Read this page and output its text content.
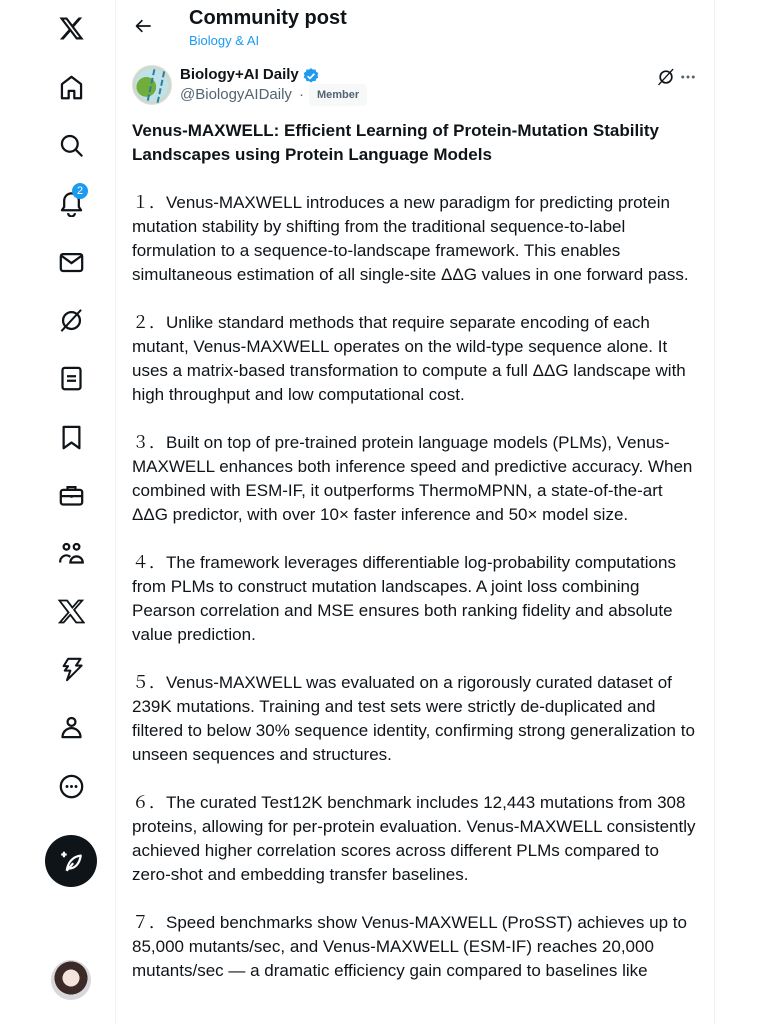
2
Community post
Biology & AI
Biology+AI Daily
@BiologyAIDaily ·	Member
Venus-MAXWELL: Efficient Learning of Protein-Mutation Stability Landscapes using Protein Language Models

１．Venus-MAXWELL introduces a new paradigm for predicting protein mutation stability by shifting from the traditional sequence-to-label formulation to a sequence-to-landscape framework. This enables simultaneous estimation of all single-site ΔΔG values in one forward pass.

２．Unlike standard methods that require separate encoding of each mutant, Venus-MAXWELL operates on the wild-type sequence alone. It uses a matrix-based transformation to compute a full ΔΔG landscape with high throughput and low computational cost.

３．Built on top of pre-trained protein language models (PLMs), Venus-MAXWELL enhances both inference speed and predictive accuracy. When combined with ESM-IF, it outperforms ThermoMPNN, a state-of-the-art ΔΔG predictor, with over 10× faster inference and 50× model size.

４．The framework leverages differentiable log-probability computations from PLMs to construct mutation landscapes. A joint loss combining Pearson correlation and MSE ensures both ranking fidelity and absolute value prediction.

５．Venus-MAXWELL was evaluated on a rigorously curated dataset of 239K mutations. Training and test sets were strictly de-duplicated and filtered to below 30% sequence identity, confirming strong generalization to unseen sequences and structures.

６．The curated Test12K benchmark includes 12,443 mutations from 308 proteins, allowing for per-protein evaluation. Venus-MAXWELL consistently achieved higher correlation scores across different PLMs compared to zero-shot and embedding transfer baselines.

７．Speed benchmarks show Venus-MAXWELL (ProSST) achieves up to 85,000 mutants/sec, and Venus-MAXWELL (ESM-IF) reaches 20,000 mutants/sec — a dramatic efficiency gain compared to baselines like
